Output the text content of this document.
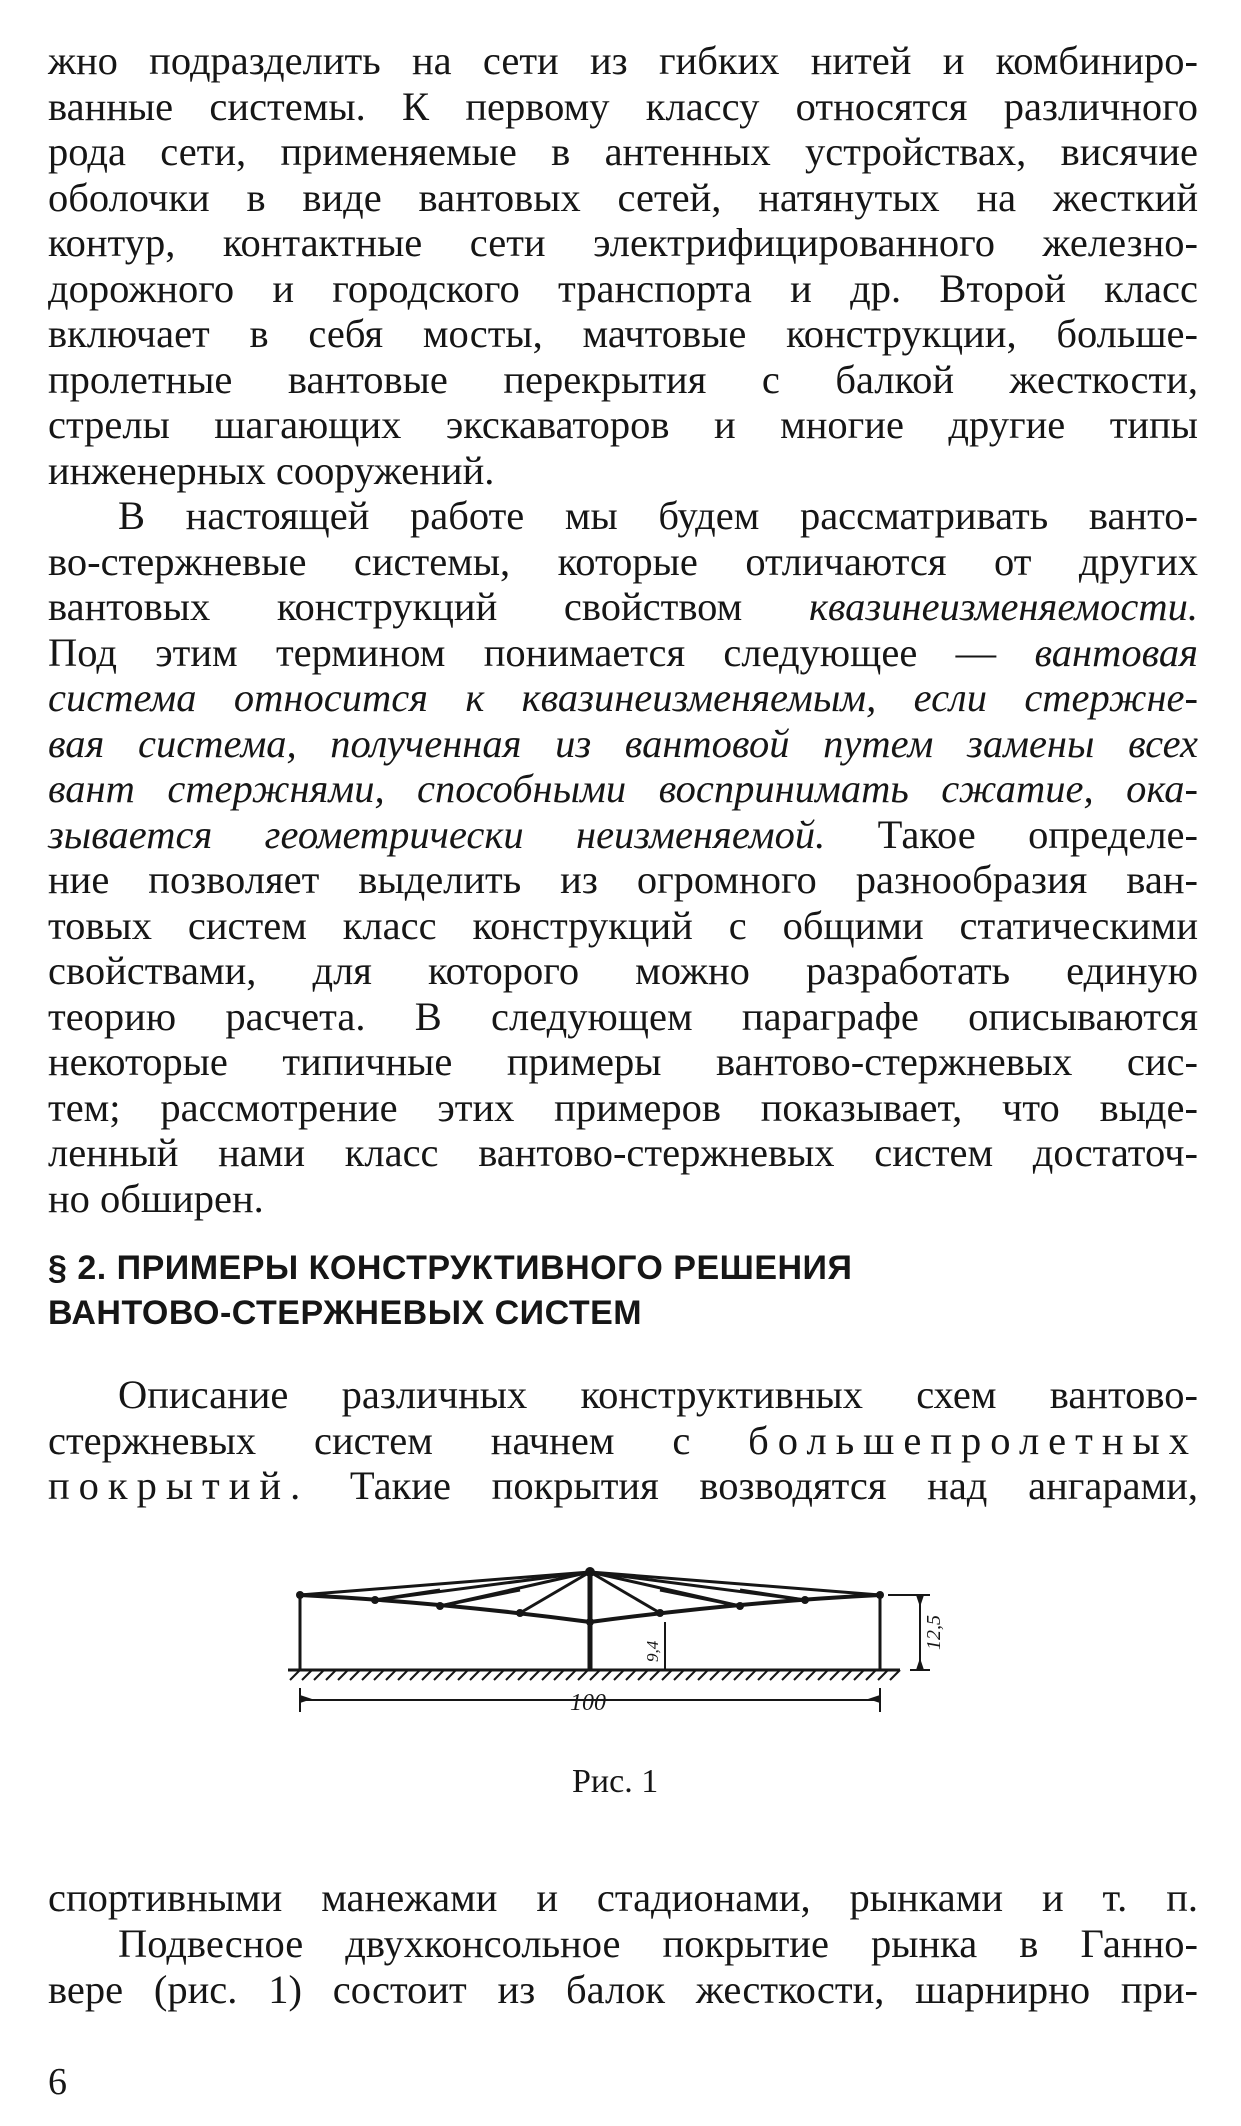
жно подразделить на сети из гибких нитей и комбиниро-
ванные системы. К первому классу относятся различного
рода сети, применяемые в антенных устройствах, висячие
оболочки в виде вантовых сетей, натянутых на жесткий
контур, контактные сети электрифицированного железно-
дорожного и городского транспорта и др. Второй класс
включает в себя мосты, мачтовые конструкции, больше-
пролетные вантовые перекрытия с балкой жесткости,
стрелы шагающих экскаваторов и многие другие типы
инженерных сооружений.
В настоящей работе мы будем рассматривать ванто-
во-стержневые системы, которые отличаются от других
вантовых конструкций свойством квазинеизменяемости.
Под этим термином понимается следующее — вантовая
система относится к квазинеизменяемым, если стержне-
вая система, полученная из вантовой путем замены всех
вант стержнями, способными воспринимать сжатие, ока-
зывается геометрически неизменяемой. Такое определе-
ние позволяет выделить из огромного разнообразия ван-
товых систем класс конструкций с общими статическими
свойствами, для которого можно разработать единую
теорию расчета. В следующем параграфе описываются
некоторые типичные примеры вантово-стержневых сис-
тем; рассмотрение этих примеров показывает, что выде-
ленный нами класс вантово-стержневых систем достаточ-
но обширен.
§ 2. ПРИМЕРЫ КОНСТРУКТИВНОГО РЕШЕНИЯ
ВАНТОВО-СТЕРЖНЕВЫХ СИСТЕМ
Описание различных конструктивных схем вантово-
стержневых систем начнем с большепролетных
покрытий. Такие покрытия возводятся над ангарами,
100
12,5
9,4
Рис. 1
спортивными манежами и стадионами, рынками и т. п.
Подвесное двухконсольное покрытие рынка в Ганно-
вере (рис. 1) состоит из балок жесткости, шарнирно при-
6
